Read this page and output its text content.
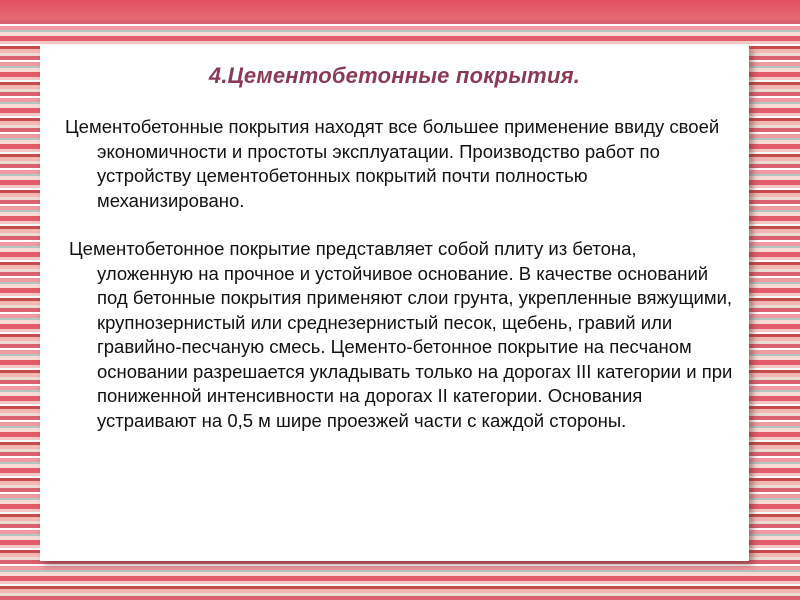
4.Цементобетонные покрытия.

Цементобетонные покрытия находят все большее применение ввиду своей экономичности и простоты эксплуатации. Производство работ по устройству цементобетонных покрытий почти полностью механизировано.

Цементобетонное покрытие представляет собой плиту из бетона, уложенную на прочное и устойчивое основание. В качестве оснований под бетонные покрытия применяют слои грунта, укрепленные вяжущими, крупнозернистый или среднезернистый песок, щебень, гравий или гравийно-песчаную смесь. Цементо-бетонное покрытие на песчаном основании разрешается укладывать только на дорогах III категории и при пониженной интенсивности на дорогах II категории. Основания устраивают на 0,5 м шире проезжей части с каждой стороны.
